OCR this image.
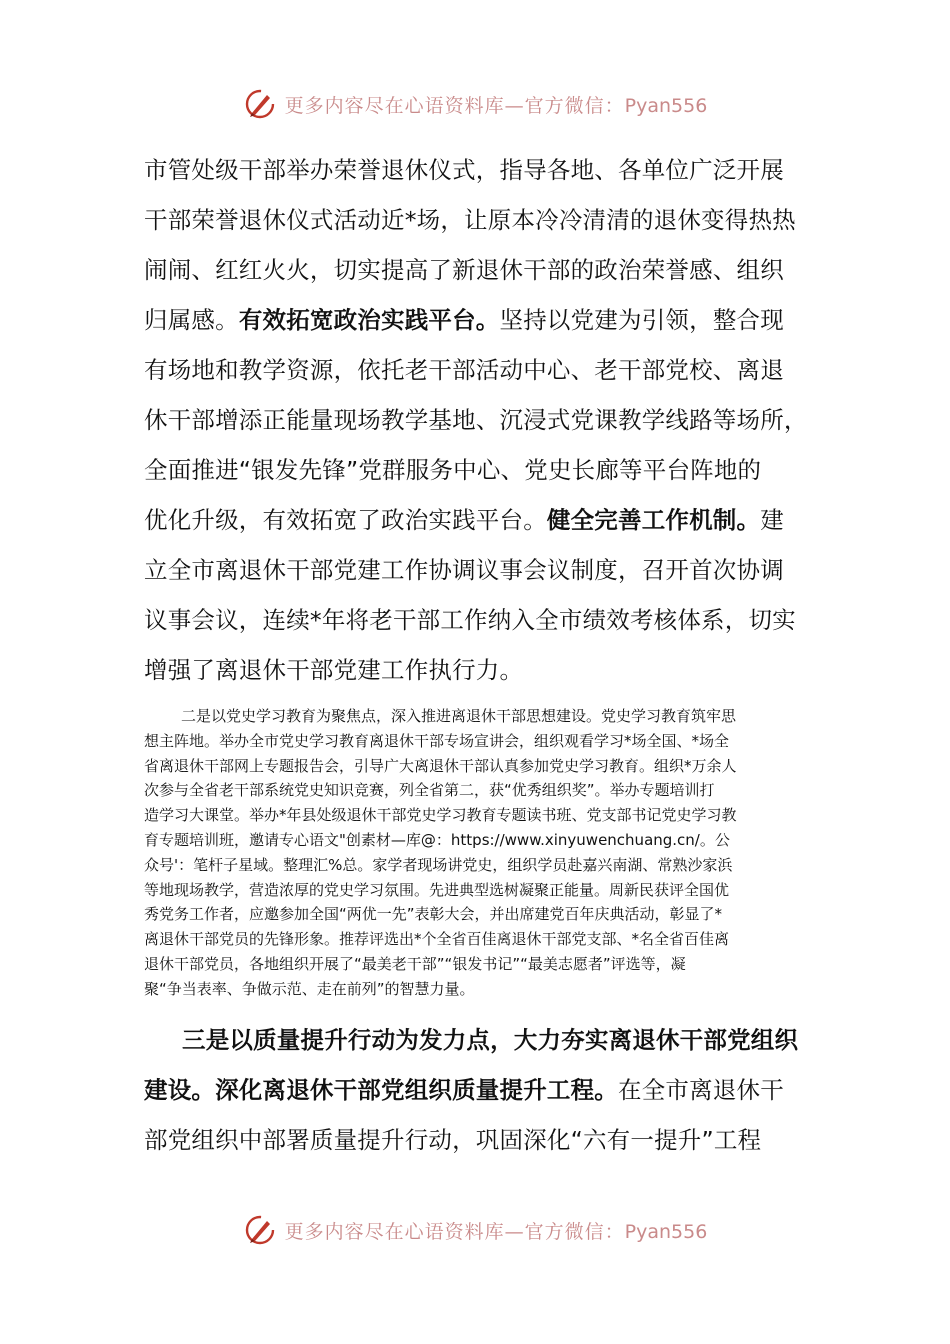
更多内容尽在心语资料库—官方微信：Pyan556
市管处级干部举办荣誉退休仪式，指导各地、各单位广泛开展
干部荣誉退休仪式活动近*场，让原本冷冷清清的退休变得热热
闹闹、红红火火，切实提高了新退休干部的政治荣誉感、组织
归属感。有效拓宽政治实践平台。坚持以党建为引领，整合现
有场地和教学资源，依托老干部活动中心、老干部党校、离退
休干部增添正能量现场教学基地、沉浸式党课教学线路等场所，
全面推进“银发先锋”党群服务中心、党史长廊等平台阵地的
优化升级，有效拓宽了政治实践平台。健全完善工作机制。建
立全市离退休干部党建工作协调议事会议制度，召开首次协调
议事会议，连续*年将老干部工作纳入全市绩效考核体系，切实
增强了离退休干部党建工作执行力。
二是以党史学习教育为聚焦点，深入推进离退休干部思想建设。党史学习教育筑牢思
想主阵地。举办全市党史学习教育离退休干部专场宣讲会，组织观看学习*场全国、*场全
省离退休干部网上专题报告会，引导广大离退休干部认真参加党史学习教育。组织*万余人
次参与全省老干部系统党史知识竞赛，列全省第二，获“优秀组织奖”。举办专题培训打
造学习大课堂。举办*年县处级退休干部党史学习教育专题读书班、党支部书记党史学习教
育专题培训班，邀请专心语文"创素材—库@：https://www.xinyuwenchuang.cn/。公
众号'：笔杆子星域。整理汇%总。家学者现场讲党史，组织学员赴嘉兴南湖、常熟沙家浜
等地现场教学，营造浓厚的党史学习氛围。先进典型选树凝聚正能量。周新民获评全国优
秀党务工作者，应邀参加全国“两优一先”表彰大会，并出席建党百年庆典活动，彰显了*
离退休干部党员的先锋形象。推荐评选出*个全省百佳离退休干部党支部、*名全省百佳离
退休干部党员，各地组织开展了“最美老干部”“银发书记”“最美志愿者”评选等，凝
聚“争当表率、争做示范、走在前列”的智慧力量。
三是以质量提升行动为发力点，大力夯实离退休干部党组织
建设。深化离退休干部党组织质量提升工程。在全市离退休干
部党组织中部署质量提升行动，巩固深化“六有一提升”工程
更多内容尽在心语资料库—官方微信：Pyan556
